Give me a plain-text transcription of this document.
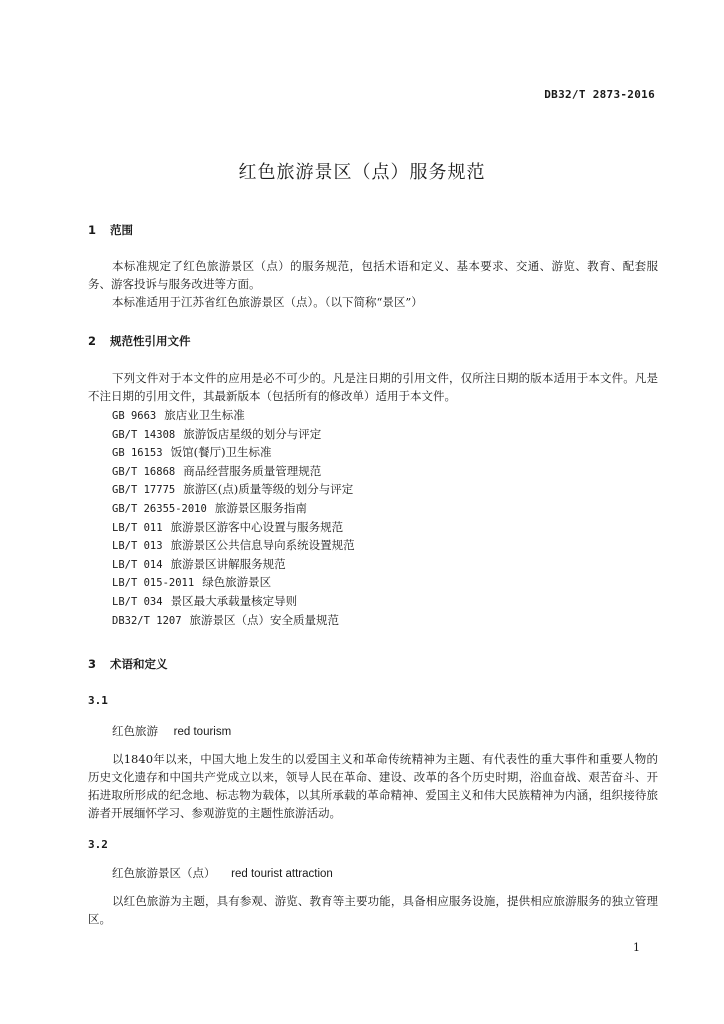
DB32/T 2873-2016
红色旅游景区（点）服务规范
1 范围

本标准规定了红色旅游景区（点）的服务规范，包括术语和定义、基本要求、交通、游览、教育、配套服务、游客投诉与服务改进等方面。

本标准适用于江苏省红色旅游景区（点）。（以下简称“景区”）

2 规范性引用文件

下列文件对于本文件的应用是必不可少的。凡是注日期的引用文件，仅所注日期的版本适用于本文件。凡是不注日期的引用文件，其最新版本（包括所有的修改单）适用于本文件。

GB 9663 旅店业卫生标准
GB/T 14308 旅游饭店星级的划分与评定
GB 16153 饭馆(餐厅)卫生标准
GB/T 16868 商品经营服务质量管理规范
GB/T 17775 旅游区(点)质量等级的划分与评定
GB/T 26355-2010 旅游景区服务指南
LB/T 011 旅游景区游客中心设置与服务规范
LB/T 013 旅游景区公共信息导向系统设置规范
LB/T 014 旅游景区讲解服务规范
LB/T 015-2011 绿色旅游景区
LB/T 034 景区最大承载量核定导则
DB32/T 1207 旅游景区（点）安全质量规范
3 术语和定义
3.1
红色旅游 red tourism

以1840年以来，中国大地上发生的以爱国主义和革命传统精神为主题、有代表性的重大事件和重要人物的历史文化遗存和中国共产党成立以来，领导人民在革命、建设、改革的各个历史时期，浴血奋战、艰苦奋斗、开拓进取所形成的纪念地、标志物为载体，以其所承载的革命精神、爱国主义和伟大民族精神为内涵，组织接待旅游者开展缅怀学习、参观游览的主题性旅游活动。

3.2
红色旅游景区（点） red tourist attraction

以红色旅游为主题，具有参观、游览、教育等主要功能，具备相应服务设施，提供相应旅游服务的独立管理区。

1
